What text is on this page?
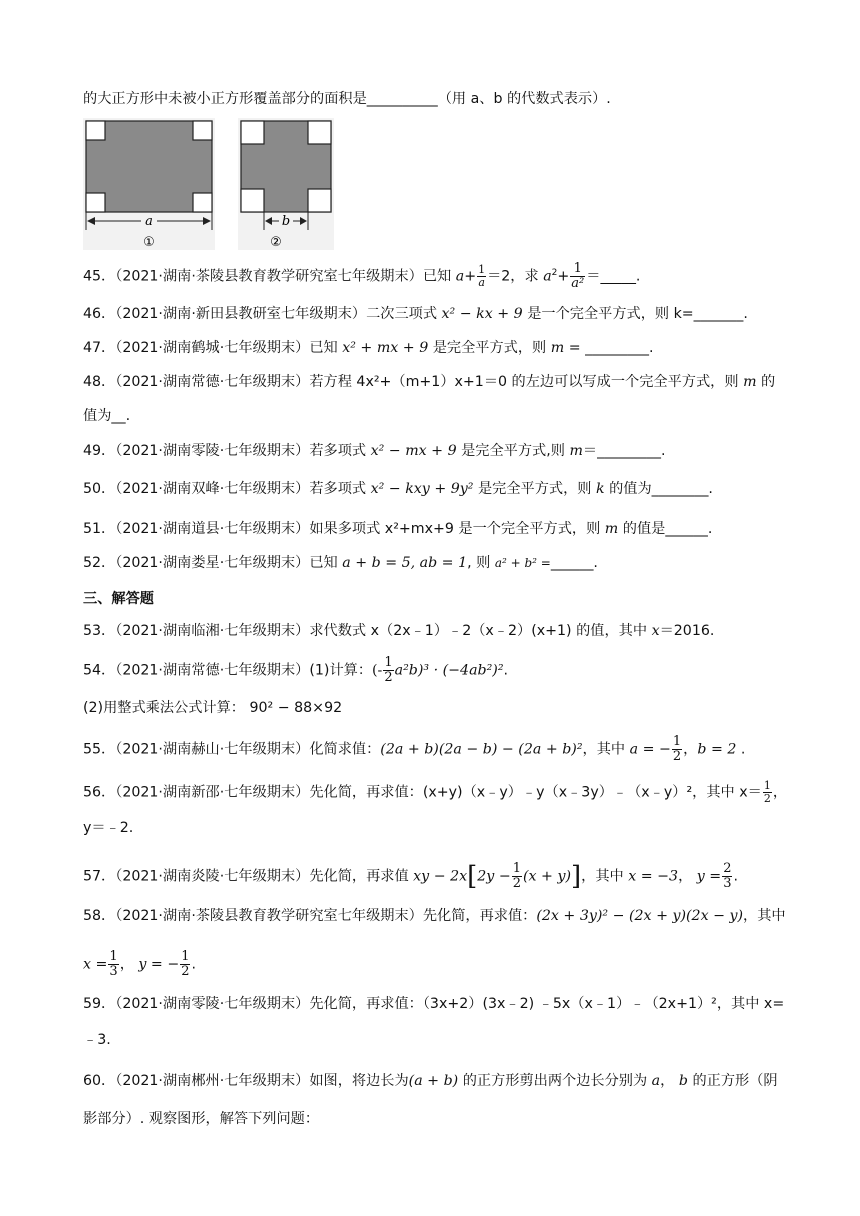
的大正方形中未被小正方形覆盖部分的面积是__________（用 a、b 的代数式表示）.
a
①
b
②
45．（2021·湖南·茶陵县教育教学研究室七年级期末）已知 $a+ \frac{1}{a} =2$，求 $a^2+ \frac{1}{\text{a²}}$ ＝_____.
46．（2021·湖南·新田县教研室七年级期末）二次三项式 x² − kx + 9 是一个完全平方式，则 k=_______.
47．（2021·湖南鹤城·七年级期末）已知 x² + mx + 9 是完全平方式，则 m = _________.
48．（2021·湖南常德·七年级期末）若方程 4x²+（m+1）x+1＝0 的左边可以写成一个完全平方式，则 m 的
值为__.
49．（2021·湖南零陵·七年级期末）若多项式 x² − mx + 9 是完全平方式,则 m＝_________.
50．（2021·湖南双峰·七年级期末）若多项式 x² − kxy + 9y² 是完全平方式，则 k 的值为________.
51．（2021·湖南道县·七年级期末）如果多项式 x²+mx+9 是一个完全平方式，则 m 的值是______.
52．（2021·湖南娄星·七年级期末）已知 a + b = 5, ab = 1, 则 a² + b² =______.
三、解答题
53．（2021·湖南临湘·七年级期末）求代数式 x（2x﹣1）﹣2（x﹣2）(x+1) 的值，其中 x＝2016.
54．（2021·湖南常德·七年级期末）(1)计算：(- $\frac{1}{2} a^2b)^3 \cdot (-4ab^2)^2$.
(2)用整式乘法公式计算： 90² − 88×92
55．（2021·湖南赫山·七年级期末）化简求值：(2a + b)(2a − b) − (2a + b)²，其中 a = − $\frac{1}{2}$ ，b = 2 .
56．（2021·湖南新邵·七年级期末）先化简，再求值：(x+y)（x﹣y）﹣y（x﹣3y）﹣（x﹣y）²，其中 $x= \frac{1}{2}$ ，
y＝﹣2.
57．（2021·湖南炎陵·七年级期末）先化简，再求值 xy − $2x[2y - \frac{1}{2} (x + y)]$，其中 x = −3， $y = \frac{2}{3}$ .
58．（2021·湖南·茶陵县教育教学研究室七年级期末）先化简，再求值：(2x + 3y)² − (2x + y)(2x − y)，其中
$x = \frac{1}{3}$ ， y = − $\frac{1}{2}$ .
59．（2021·湖南零陵·七年级期末）先化简，再求值：（3x+2）(3x﹣2) ﹣5x（x﹣1）﹣（2x+1）²，其中 x=
﹣3.
60．（2021·湖南郴州·七年级期末）如图，将边长为(a + b) 的正方形剪出两个边长分别为 a， b 的正方形（阴
影部分）. 观察图形，解答下列问题：
